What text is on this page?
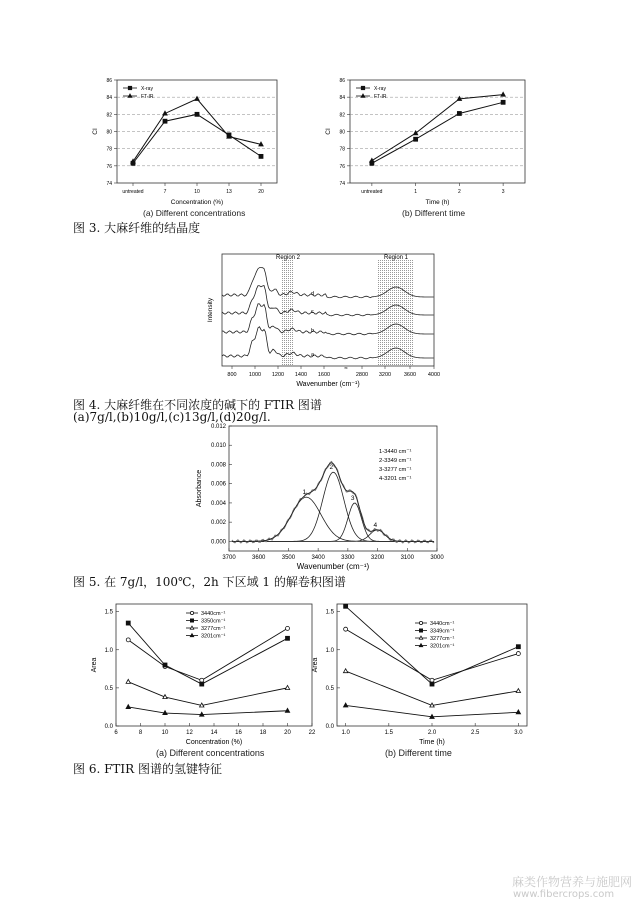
74
76
78
80
82
84
86
untreated	7	10	13	20
Concentration (%)
CI
X-ray
FT-IR
(a) Different concentrations
74
76
78
80
82
84
86
untreated	1	2	3
Time (h)
CI
X-ray
FT-IR
(b) Different time
图 3. 大麻纤维的结晶度
Region 2	Region 1
a
b
c
d
≈
800 1000 1200 1400 1600	2800 3200 3600 4000
Wavenumber (cm⁻¹)
Intensity
图 4. 大麻纤维在不同浓度的碱下的 FTIR 图谱
(a)7g/l,(b)10g/l,(c)13g/l,(d)20g/l.
0.000
0.002
0.004
0.006
0.008
0.010
0.012
3700	3600	3500	3400	3300	3200	3100	3000
Wavenumber (cm⁻¹)
Absorbance	1
2
3
4
1-3440 cm⁻¹
2-3349 cm⁻¹
3-3277 cm⁻¹
4-3201 cm⁻¹
图 5. 在 7g/l，100℃，2h 下区域 1 的解卷积图谱
0.0
0.5
1.0
1.5
6	8	10	12	14	16	18	20	22
Concentration (%)
Area
3440cm⁻¹
3350cm⁻¹
3277cm⁻¹
3201cm⁻¹
(a) Different concentrations
0.0
0.5
1.0
1.5
1.0	1.5	2.0	2.5	3.0
Time (h)
Area
3440cm⁻¹
3349cm⁻¹
3277cm⁻¹
3201cm⁻¹
(b) Different time
图 6. FTIR 图谱的氢键特征
麻类作物营养与施肥网
www.fibercrops.com
